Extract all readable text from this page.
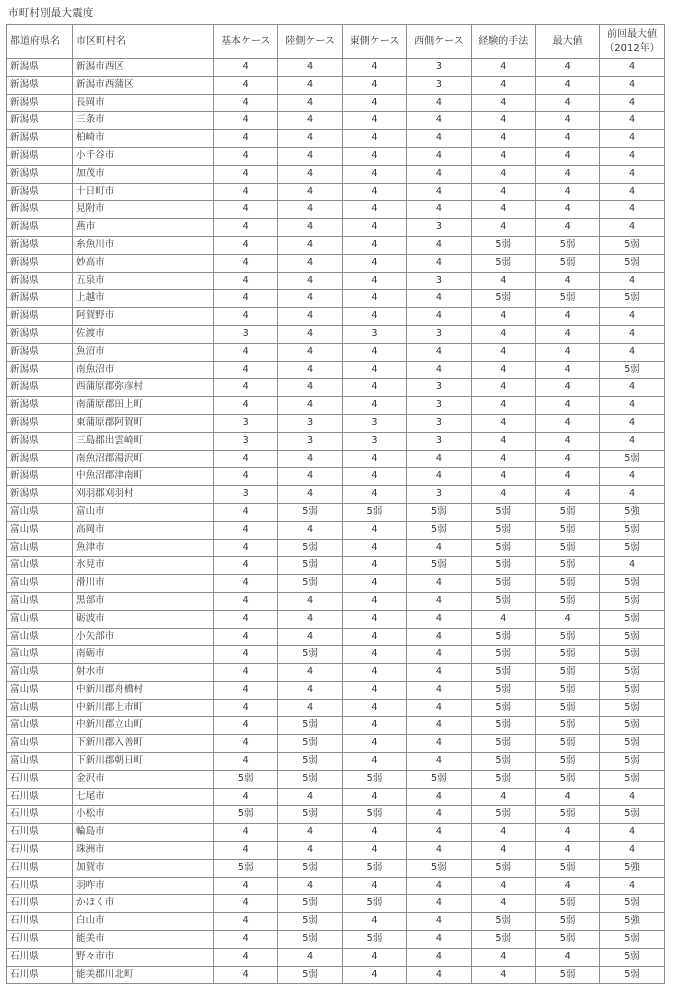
市町村別最大震度
都道府県名	市区町村名	基本ケース	陸側ケース	東側ケース	西側ケース	経験的手法	最大値	前回最大値
（2012年）

新潟県	新潟市西区	4	4	4	3	4	4	4
新潟県	新潟市西蒲区	4	4	4	3	4	4	4
新潟県	長岡市	4	4	4	4	4	4	4
新潟県	三条市	4	4	4	4	4	4	4
新潟県	柏崎市	4	4	4	4	4	4	4
新潟県	小千谷市	4	4	4	4	4	4	4
新潟県	加茂市	4	4	4	4	4	4	4
新潟県	十日町市	4	4	4	4	4	4	4
新潟県	見附市	4	4	4	4	4	4	4
新潟県	燕市	4	4	4	3	4	4	4
新潟県	糸魚川市	4	4	4	4	5弱	5弱	5弱
新潟県	妙高市	4	4	4	4	5弱	5弱	5弱
新潟県	五泉市	4	4	4	3	4	4	4
新潟県	上越市	4	4	4	4	5弱	5弱	5弱
新潟県	阿賀野市	4	4	4	4	4	4	4
新潟県	佐渡市	3	4	3	3	4	4	4
新潟県	魚沼市	4	4	4	4	4	4	4
新潟県	南魚沼市	4	4	4	4	4	4	5弱
新潟県	西蒲原郡弥彦村	4	4	4	3	4	4	4
新潟県	南蒲原郡田上町	4	4	4	3	4	4	4
新潟県	東蒲原郡阿賀町	3	3	3	3	4	4	4
新潟県	三島郡出雲崎町	3	3	3	3	4	4	4
新潟県	南魚沼郡湯沢町	4	4	4	4	4	4	5弱
新潟県	中魚沼郡津南町	4	4	4	4	4	4	4
新潟県	刈羽郡刈羽村	3	4	4	3	4	4	4
富山県	富山市	4	5弱	5弱	5弱	5弱	5弱	5強
富山県	高岡市	4	4	4	5弱	5弱	5弱	5弱
富山県	魚津市	4	5弱	4	4	5弱	5弱	5弱
富山県	氷見市	4	5弱	4	5弱	5弱	5弱	4
富山県	滑川市	4	5弱	4	4	5弱	5弱	5弱
富山県	黒部市	4	4	4	4	5弱	5弱	5弱
富山県	砺波市	4	4	4	4	4	4	5弱
富山県	小矢部市	4	4	4	4	5弱	5弱	5弱
富山県	南砺市	4	5弱	4	4	5弱	5弱	5弱
富山県	射水市	4	4	4	4	5弱	5弱	5弱
富山県	中新川郡舟橋村	4	4	4	4	5弱	5弱	5弱
富山県	中新川郡上市町	4	4	4	4	5弱	5弱	5弱
富山県	中新川郡立山町	4	5弱	4	4	5弱	5弱	5弱
富山県	下新川郡入善町	4	5弱	4	4	5弱	5弱	5弱
富山県	下新川郡朝日町	4	5弱	4	4	5弱	5弱	5弱
石川県	金沢市	5弱	5弱	5弱	5弱	5弱	5弱	5弱
石川県	七尾市	4	4	4	4	4	4	4
石川県	小松市	5弱	5弱	5弱	4	5弱	5弱	5弱
石川県	輪島市	4	4	4	4	4	4	4
石川県	珠洲市	4	4	4	4	4	4	4
石川県	加賀市	5弱	5弱	5弱	5弱	5弱	5弱	5強
石川県	羽咋市	4	4	4	4	4	4	4
石川県	かほく市	4	5弱	5弱	4	4	5弱	5弱
石川県	白山市	4	5弱	4	4	5弱	5弱	5強
石川県	能美市	4	5弱	5弱	4	5弱	5弱	5弱
石川県	野々市市	4	4	4	4	4	4	5弱
石川県	能美郡川北町	4	5弱	4	4	4	5弱	5弱
